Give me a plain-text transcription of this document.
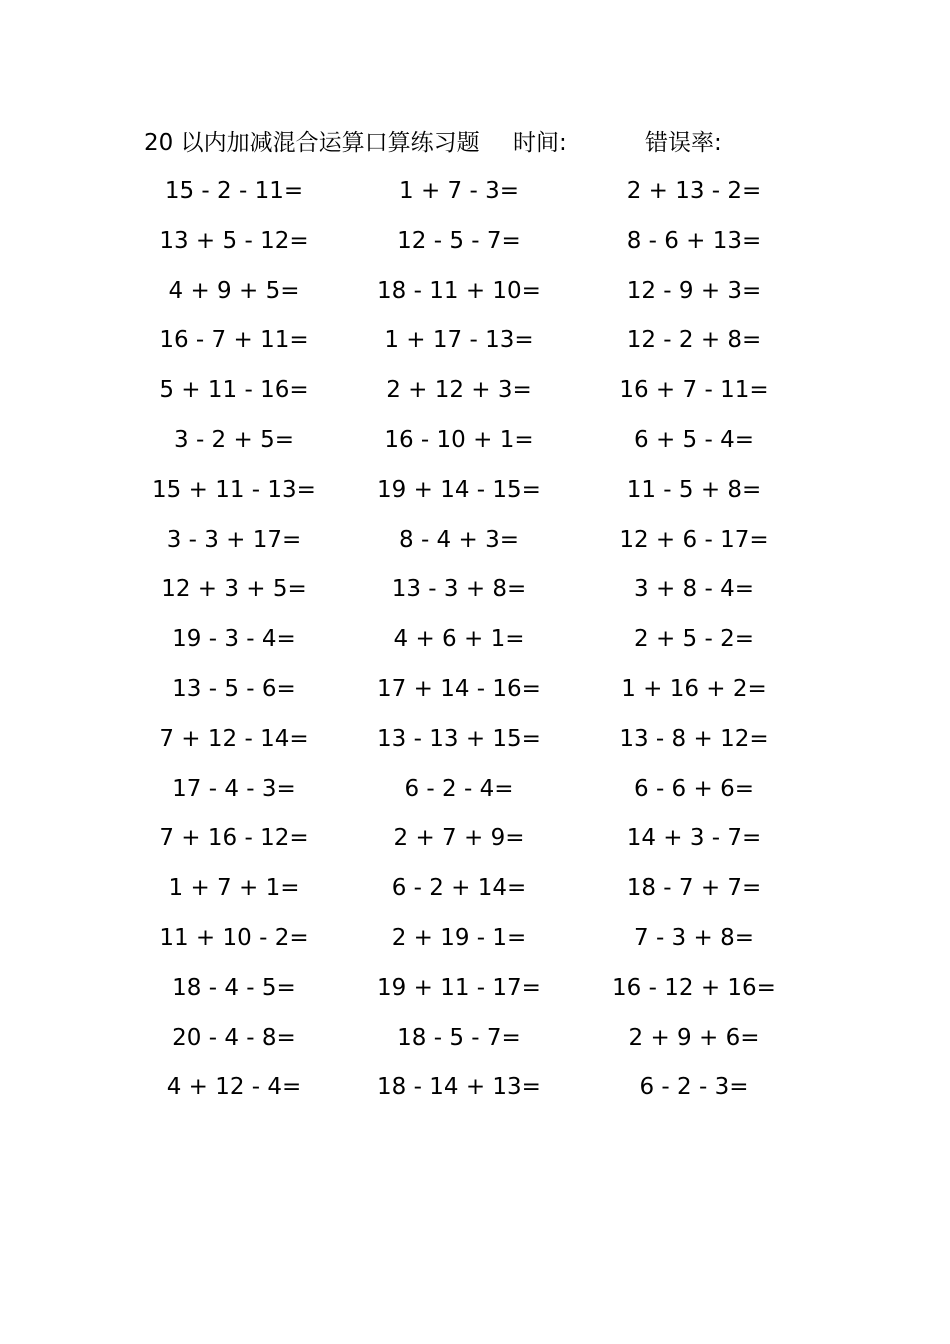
20 以内加减混合运算口算练习题 时间:	错误率:
15 - 2 - 11=	1 + 7 - 3=	2 + 13 - 2=
13 + 5 - 12=	12 - 5 - 7=	8 - 6 + 13=
4 + 9 + 5=	18 - 11 + 10=	12 - 9 + 3=
16 - 7 + 11=	1 + 17 - 13=	12 - 2 + 8=
5 + 11 - 16=	2 + 12 + 3=	16 + 7 - 11=
3 - 2 + 5=	16 - 10 + 1=	6 + 5 - 4=
15 + 11 - 13=	19 + 14 - 15=	11 - 5 + 8=
3 - 3 + 17=	8 - 4 + 3=	12 + 6 - 17=
12 + 3 + 5=	13 - 3 + 8=	3 + 8 - 4=
19 - 3 - 4=	4 + 6 + 1=	2 + 5 - 2=
13 - 5 - 6=	17 + 14 - 16=	1 + 16 + 2=
7 + 12 - 14=	13 - 13 + 15=	13 - 8 + 12=
17 - 4 - 3=	6 - 2 - 4=	6 - 6 + 6=
7 + 16 - 12=	2 + 7 + 9=	14 + 3 - 7=
1 + 7 + 1=	6 - 2 + 14=	18 - 7 + 7=
11 + 10 - 2=	2 + 19 - 1=	7 - 3 + 8=
18 - 4 - 5=	19 + 11 - 17=	16 - 12 + 16=
20 - 4 - 8=	18 - 5 - 7=	2 + 9 + 6=
4 + 12 - 4=	18 - 14 + 13=	6 - 2 - 3=
